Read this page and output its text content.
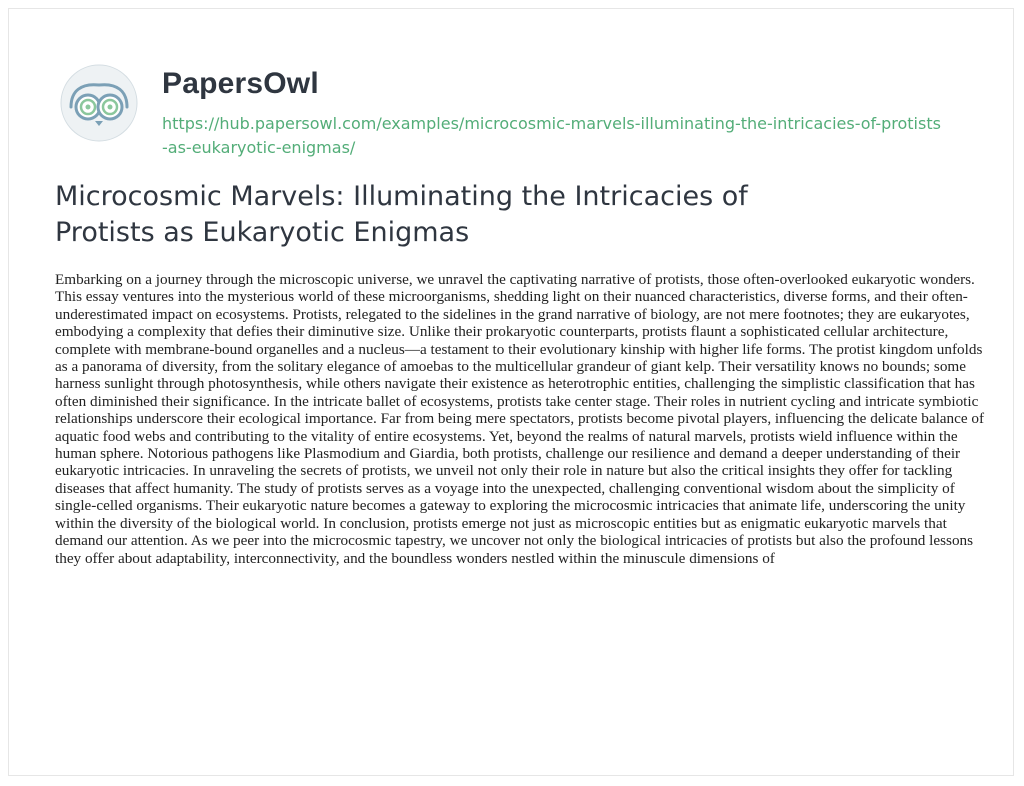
PapersOwl
https://hub.papersowl.com/examples/microcosmic-marvels-illuminating-the-intricacies-of-protists-as-eukaryotic-enigmas/
Microcosmic Marvels: Illuminating the Intricacies of Protists as Eukaryotic Enigmas

Embarking on a journey through the microscopic universe, we unravel the captivating narrative of protists, those often-overlooked eukaryotic wonders. This essay ventures into the mysterious world of these microorganisms, shedding light on their nuanced characteristics, diverse forms, and their often-underestimated impact on ecosystems. Protists, relegated to the sidelines in the grand narrative of biology, are not mere footnotes; they are eukaryotes, embodying a complexity that defies their diminutive size. Unlike their prokaryotic counterparts, protists flaunt a sophisticated cellular architecture, complete with membrane-bound organelles and a nucleus—a testament to their evolutionary kinship with higher life forms. The protist kingdom unfolds as a panorama of diversity, from the solitary elegance of amoebas to the multicellular grandeur of giant kelp. Their versatility knows no bounds; some harness sunlight through photosynthesis, while others navigate their existence as heterotrophic entities, challenging the simplistic classification that has often diminished their significance. In the intricate ballet of ecosystems, protists take center stage. Their roles in nutrient cycling and intricate symbiotic relationships underscore their ecological importance. Far from being mere spectators, protists become pivotal players, influencing the delicate balance of aquatic food webs and contributing to the vitality of entire ecosystems. Yet, beyond the realms of natural marvels, protists wield influence within the human sphere. Notorious pathogens like Plasmodium and Giardia, both protists, challenge our resilience and demand a deeper understanding of their eukaryotic intricacies. In unraveling the secrets of protists, we unveil not only their role in nature but also the critical insights they offer for tackling diseases that affect humanity. The study of protists serves as a voyage into the unexpected, challenging conventional wisdom about the simplicity of single-celled organisms. Their eukaryotic nature becomes a gateway to exploring the microcosmic intricacies that animate life, underscoring the unity within the diversity of the biological world. In conclusion, protists emerge not just as microscopic entities but as enigmatic eukaryotic marvels that demand our attention. As we peer into the microcosmic tapestry, we uncover not only the biological intricacies of protists but also the profound lessons they offer about adaptability, interconnectivity, and the boundless wonders nestled within the minuscule dimensions of
